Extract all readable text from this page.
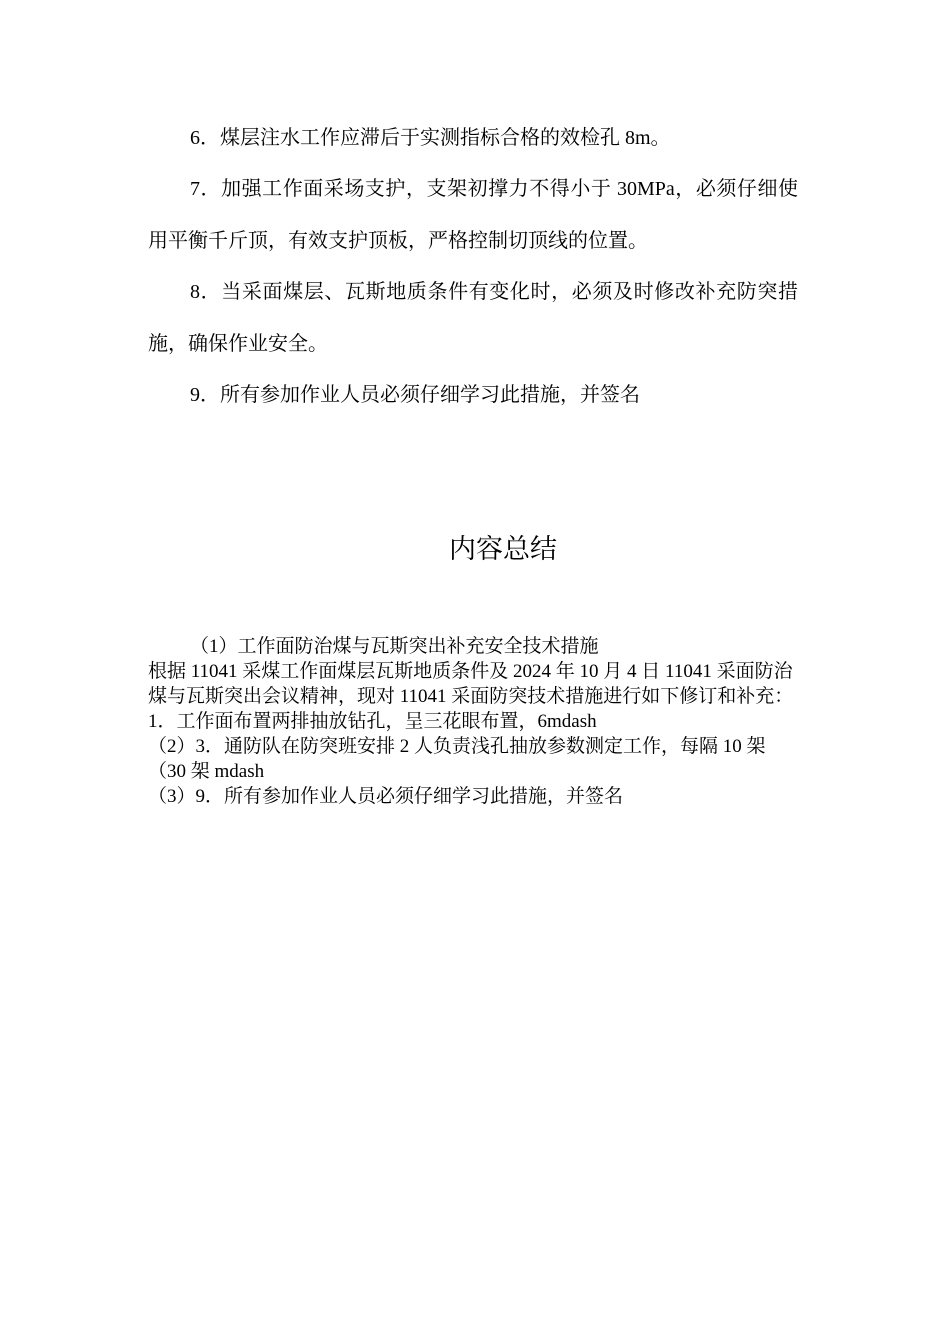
6．煤层注水工作应滞后于实测指标合格的效检孔 8m。

7．加强工作面采场支护，支架初撑力不得小于 30MPa，必须仔细使用平衡千斤顶，有效支护顶板，严格控制切顶线的位置。

8．当采面煤层、瓦斯地质条件有变化时，必须及时修改补充防突措施，确保作业安全。

9．所有参加作业人员必须仔细学习此措施，并签名

内容总结
（1）工作面防治煤与瓦斯突出补充安全技术措施
根据 11041 采煤工作面煤层瓦斯地质条件及 2024 年 10 月 4 日 11041 采面防治煤与瓦斯突出会议精神，现对 11041 采面防突技术措施进行如下修订和补充：
1．工作面布置两排抽放钻孔，呈三花眼布置，6mdash
（2）3．通防队在防突班安排 2 人负责浅孔抽放参数测定工作，每隔 10 架（30 架 mdash
（3）9．所有参加作业人员必须仔细学习此措施，并签名
